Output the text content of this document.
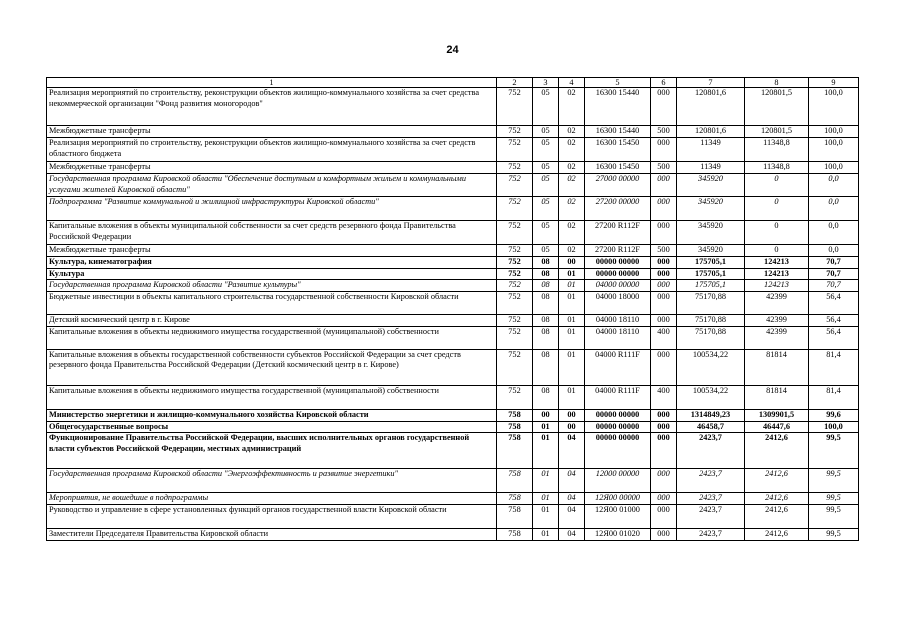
24
1	2	3	4	5	6	7	8	9
Реализация мероприятий по строительству, реконструкции объектов жилищно-коммунального хозяйства за счет средства некоммерческой организации "Фонд развития моногородов"	752	05	02	16300 15440	000	120801,6	120801,5	100,0
Межбюджетные трансферты	752	05	02	16300 15440	500	120801,6	120801,5	100,0
Реализация мероприятий по строительству, реконструкции объектов жилищно-коммунального хозяйства за счет средств областного бюджета	752	05	02	16300 15450	000	11349	11348,8	100,0
Межбюджетные трансферты	752	05	02	16300 15450	500	11349	11348,8	100,0
Государственная программа Кировской области "Обеспечение доступным и комфортным жильем и коммунальными услугами жителей Кировской области"	752	05	02	27000 00000	000	345920	0	0,0
Подпрограмма "Развитие коммунальной и жилищной инфраструктуры Кировской области"	752	05	02	27200 00000	000	345920	0	0,0
Капитальные вложения в объекты муниципальной собственности за счет средств резервного фонда Правительства Российской Федерации	752	05	02	27200 R112F	000	345920	0	0,0
Межбюджетные трансферты	752	05	02	27200 R112F	500	345920	0	0,0
Культура, кинематография	752	08	00	00000 00000	000	175705,1	124213	70,7
Культура	752	08	01	00000 00000	000	175705,1	124213	70,7
Государственная программа Кировской области "Развитие культуры"	752	08	01	04000 00000	000	175705,1	124213	70,7
Бюджетные инвестиции в объекты капитального строительства государственной собственности Кировской области	752	08	01	04000 18000	000	75170,88	42399	56,4
Детский космический центр в г. Кирове	752	08	01	04000 18110	000	75170,88	42399	56,4
Капитальные вложения в объекты недвижимого имущества государственной (муниципальной) собственности	752	08	01	04000 18110	400	75170,88	42399	56,4
Капитальные вложения в объекты государственной собственности субъектов Российской Федерации за счет средств резервного фонда Правительства Российской Федерации (Детский космический центр в г. Кирове)	752	08	01	04000 R111F	000	100534,22	81814	81,4
Капитальные вложения в объекты недвижимого имущества государственной (муниципальной) собственности	752	08	01	04000 R111F	400	100534,22	81814	81,4
Министерство энергетики и жилищно-коммунального хозяйства Кировской области	758	00	00	00000 00000	000	1314849,23	1309901,5	99,6
Общегосударственные вопросы	758	01	00	00000 00000	000	46458,7	46447,6	100,0
Функционирование Правительства Российской Федерации, высших исполнительных органов государственной власти субъектов Российской Федерации, местных администраций	758	01	04	00000 00000	000	2423,7	2412,6	99,5
Государственная программа Кировской области "Энергоэффективность и развитие энергетики"	758	01	04	12000 00000	000	2423,7	2412,6	99,5
Мероприятия, не вошедшие в подпрограммы	758	01	04	12Я00 00000	000	2423,7	2412,6	99,5
Руководство и управление в сфере установленных функций органов государственной власти Кировской области	758	01	04	12Я00 01000	000	2423,7	2412,6	99,5
Заместители Председателя Правительства Кировской области	758	01	04	12Я00 01020	000	2423,7	2412,6	99,5
